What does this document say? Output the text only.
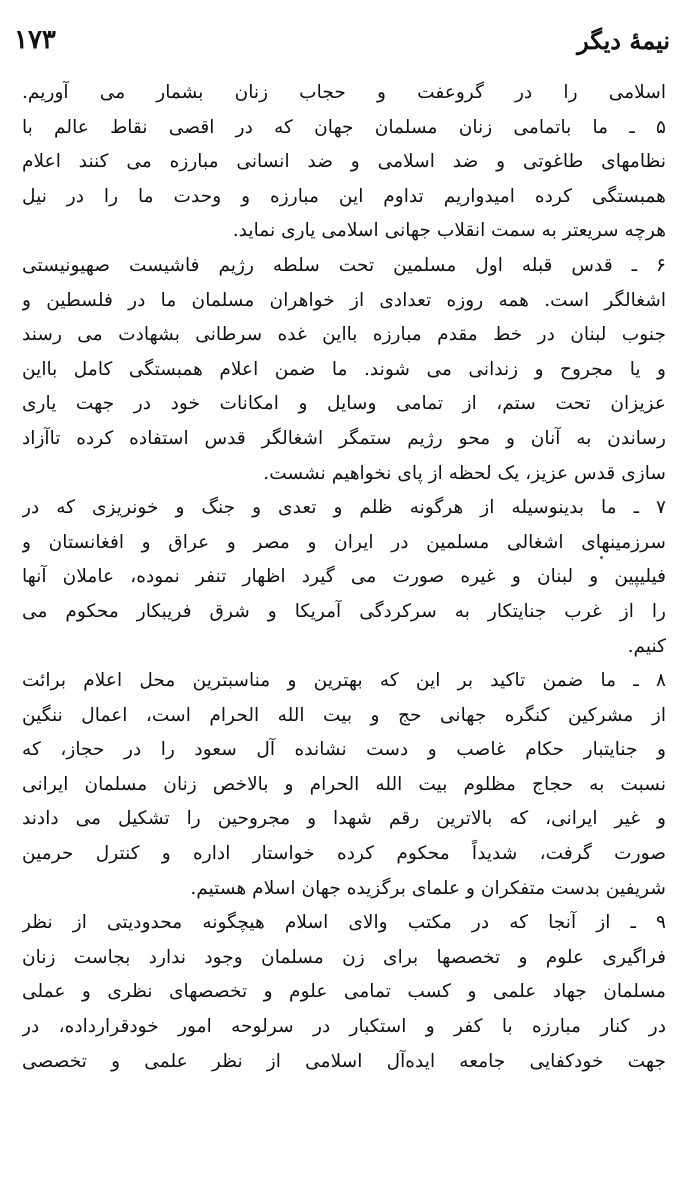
۱۷۳	نیمهٔ دیگر
اسلامی را در گروعفت و حجاب زنان بشمار می آوریم.
۵ ـ ما باتمامی زنان مسلمان جهان که در اقصی نقاط عالم با
نظامهای طاغوتی و ضد اسلامی و ضد انسانی مبارزه می کنند اعلام
همبستگی کرده امیدواریم تداوم این مبارزه و وحدت ما را در نیل
هرچه سریعتر به سمت انقلاب جهانی اسلامی یاری نماید.
۶ ـ قدس قبله اول مسلمین تحت سلطه رژیم فاشیست صهیونیستی
اشغالگر است. همه روزه تعدادی از خواهران مسلمان ما در فلسطین و
جنوب لبنان در خط مقدم مبارزه بااین غده سرطانی بشهادت می رسند
و یا مجروح و زندانی می شوند. ما ضمن اعلام همبستگی کامل بااین
عزیزان تحت ستم، از تمامی وسایل و امکانات خود در جهت یاری
رساندن به آنان و محو رژیم ستمگر اشغالگر قدس استفاده کرده تاآزاد
سازی قدس عزیز، یک لحظه از پای نخواهیم نشست.
۷ ـ ما بدینوسیله از هرگونه ظلم و تعدی و جنگ و خونریزی که در
سرزمینهای اشغالی مسلمین در ایران و مصر و عراق و افغانستان و
فیلیپین و لبنان و غیره صورت می گیرد اظهار تنفر نموده، عاملان آنها
را از غرب جنایتکار به سرکردگی آمریکا و شرق فریبکار محکوم می
کنیم.
۸ ـ ما ضمن تاکید بر این که بهترین و مناسبترین محل اعلام برائت
از مشرکین کنگره جهانی حج و بیت الله الحرام است، اعمال ننگین
و جنایتبار حکام غاصب و دست نشانده آل سعود را در حجاز، که
نسبت به حجاج مظلوم بیت الله الحرام و بالاخص زنان مسلمان ایرانی
و غیر ایرانی، که بالاترین رقم شهدا و مجروحین را تشکیل می دادند
صورت گرفت، شدیداً محکوم کرده خواستار اداره و کنترل حرمین
شریفین بدست متفکران و علمای برگزیده جهان اسلام هستیم.
۹ ـ از آنجا که در مکتب والای اسلام هیچگونه محدودیتی از نظر
فراگیری علوم و تخصصها برای زن مسلمان وجود ندارد بجاست زنان
مسلمان جهاد علمی و کسب تمامی علوم و تخصصهای نظری و عملی
در کنار مبارزه با کفر و استکبار در سرلوحه امور خودقرارداده، در
جهت خودکفایی جامعه ایده‌آل اسلامی از نظر علمی و تخصصی
